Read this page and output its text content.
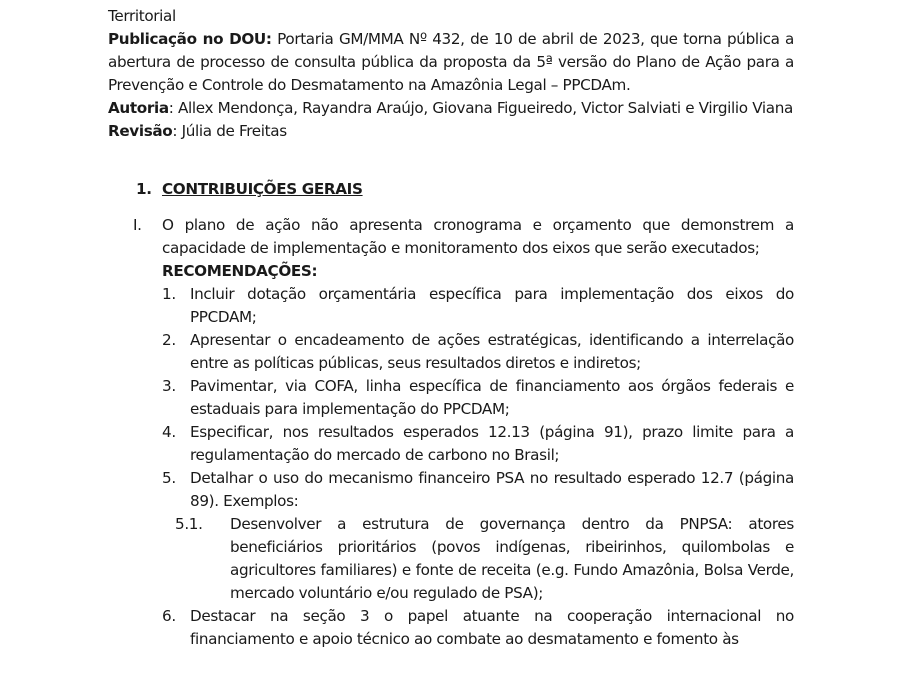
Territorial

Publicação no DOU: Portaria GM/MMA Nº 432, de 10 de abril de 2023, que torna pública a abertura de processo de consulta pública da proposta da 5ª versão do Plano de Ação para a Prevenção e Controle do Desmatamento na Amazônia Legal – PPCDAm.

Autoria: Allex Mendonça, Rayandra Araújo, Giovana Figueiredo, Victor Salviati e Virgilio Viana

Revisão: Júlia de Freitas

1. CONTRIBUIÇÕES GERAIS

I. O plano de ação não apresenta cronograma e orçamento que demonstrem a capacidade de implementação e monitoramento dos eixos que serão executados;

RECOMENDAÇÕES:

1. Incluir dotação orçamentária específica para implementação dos eixos do PPCDAM;

2. Apresentar o encadeamento de ações estratégicas, identificando a interrelação entre as políticas públicas, seus resultados diretos e indiretos;

3. Pavimentar, via COFA, linha específica de financiamento aos órgãos federais e estaduais para implementação do PPCDAM;

4. Especificar, nos resultados esperados 12.13 (página 91), prazo limite para a regulamentação do mercado de carbono no Brasil;

5. Detalhar o uso do mecanismo financeiro PSA no resultado esperado 12.7 (página 89). Exemplos:

5.1. Desenvolver a estrutura de governança dentro da PNPSA: atores beneficiários prioritários (povos indígenas, ribeirinhos, quilombolas e agricultores familiares) e fonte de receita (e.g. Fundo Amazônia, Bolsa Verde, mercado voluntário e/ou regulado de PSA);

6. Destacar na seção 3 o papel atuante na cooperação internacional no financiamento e apoio técnico ao combate ao desmatamento e fomento às
